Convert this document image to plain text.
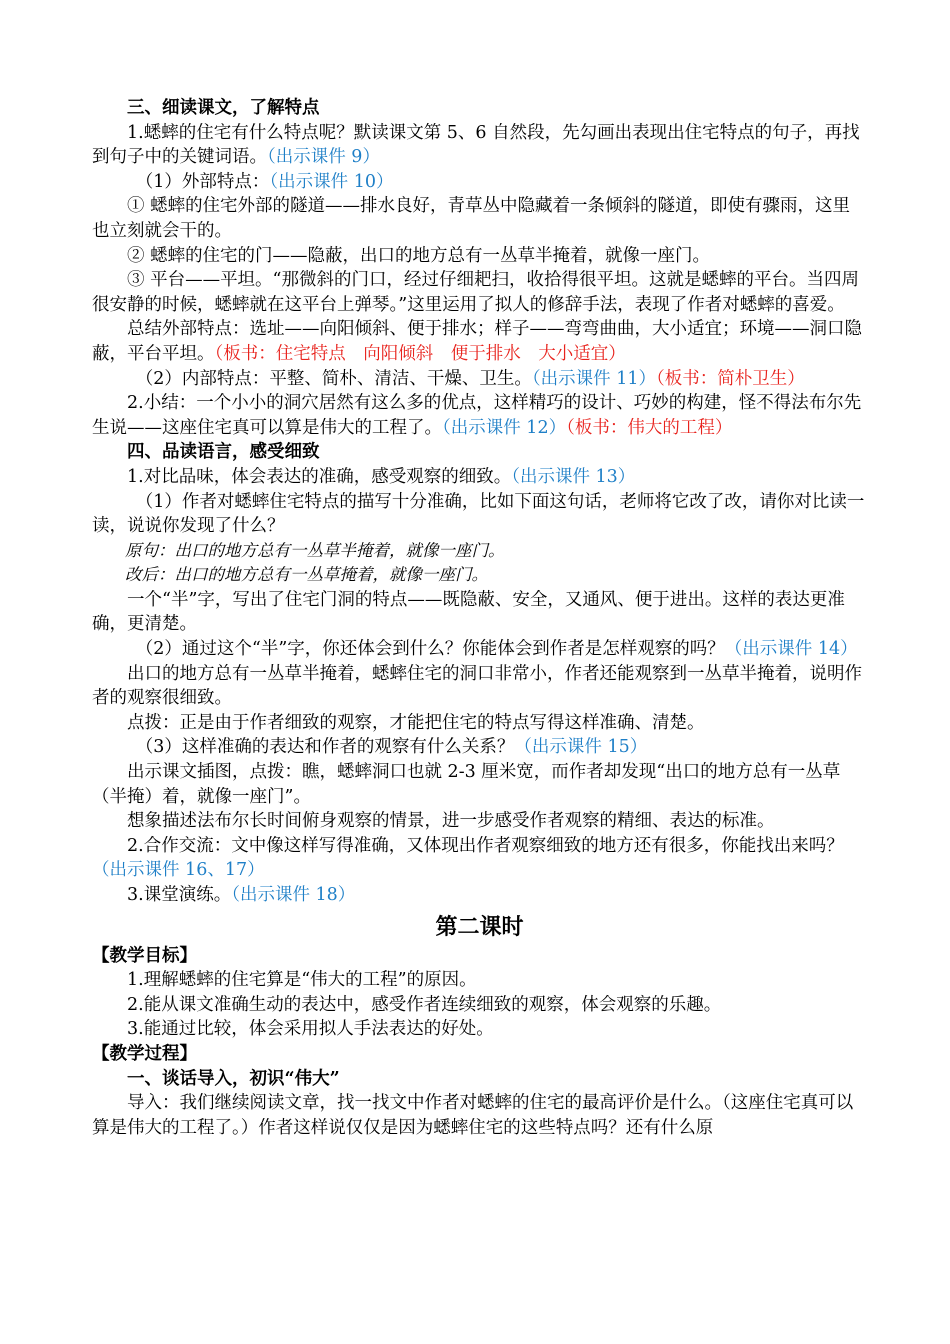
三、细读课文，了解特点

1.蟋蟀的住宅有什么特点呢？默读课文第 5、6 自然段，先勾画出表现出住宅特点的句子，再找到句子中的关键词语。（出示课件 9）

（1）外部特点：（出示课件 10）

① 蟋蟀的住宅外部的隧道——排水良好，青草丛中隐藏着一条倾斜的隧道，即使有骤雨，这里也立刻就会干的。

② 蟋蟀的住宅的门——隐蔽，出口的地方总有一丛草半掩着，就像一座门。

③ 平台——平坦。“那微斜的门口，经过仔细耙扫，收拾得很平坦。这就是蟋蟀的平台。当四周很安静的时候，蟋蟀就在这平台上弹琴。”这里运用了拟人的修辞手法，表现了作者对蟋蟀的喜爱。

总结外部特点：选址——向阳倾斜、便于排水；样子——弯弯曲曲，大小适宜；环境——洞口隐蔽，平台平坦。（板书：住宅特点　向阳倾斜　便于排水　大小适宜）

（2）内部特点：平整、简朴、清洁、干燥、卫生。（出示课件 11）（板书：简朴卫生）

2.小结：一个小小的洞穴居然有这么多的优点，这样精巧的设计、巧妙的构建，怪不得法布尔先生说——这座住宅真可以算是伟大的工程了。（出示课件 12）（板书：伟大的工程）

四、品读语言，感受细致

1.对比品味，体会表达的准确，感受观察的细致。（出示课件 13）

（1）作者对蟋蟀住宅特点的描写十分准确，比如下面这句话，老师将它改了改，请你对比读一读，说说你发现了什么？

原句：出口的地方总有一丛草半掩着，就像一座门。

改后：出口的地方总有一丛草掩着，就像一座门。

一个“半”字，写出了住宅门洞的特点——既隐蔽、安全，又通风、便于进出。这样的表达更准确，更清楚。

（2）通过这个“半”字，你还体会到什么？你能体会到作者是怎样观察的吗？（出示课件 14）

出口的地方总有一丛草半掩着，蟋蟀住宅的洞口非常小，作者还能观察到一丛草半掩着，说明作者的观察很细致。

点拨：正是由于作者细致的观察，才能把住宅的特点写得这样准确、清楚。

（3）这样准确的表达和作者的观察有什么关系？（出示课件 15）

出示课文插图，点拨：瞧，蟋蟀洞口也就 2-3 厘米宽，而作者却发现“出口的地方总有一丛草（半掩）着，就像一座门”。

想象描述法布尔长时间俯身观察的情景，进一步感受作者观察的精细、表达的标准。

2.合作交流：文中像这样写得准确，又体现出作者观察细致的地方还有很多，你能找出来吗？（出示课件 16、17）

3.课堂演练。（出示课件 18）

第二课时

【教学目标】

1.理解蟋蟀的住宅算是“伟大的工程”的原因。

2.能从课文准确生动的表达中，感受作者连续细致的观察，体会观察的乐趣。

3.能通过比较，体会采用拟人手法表达的好处。

【教学过程】

一、谈话导入，初识“伟大”

导入：我们继续阅读文章，找一找文中作者对蟋蟀的住宅的最高评价是什么。（这座住宅真可以算是伟大的工程了。）作者这样说仅仅是因为蟋蟀住宅的这些特点吗？还有什么原
